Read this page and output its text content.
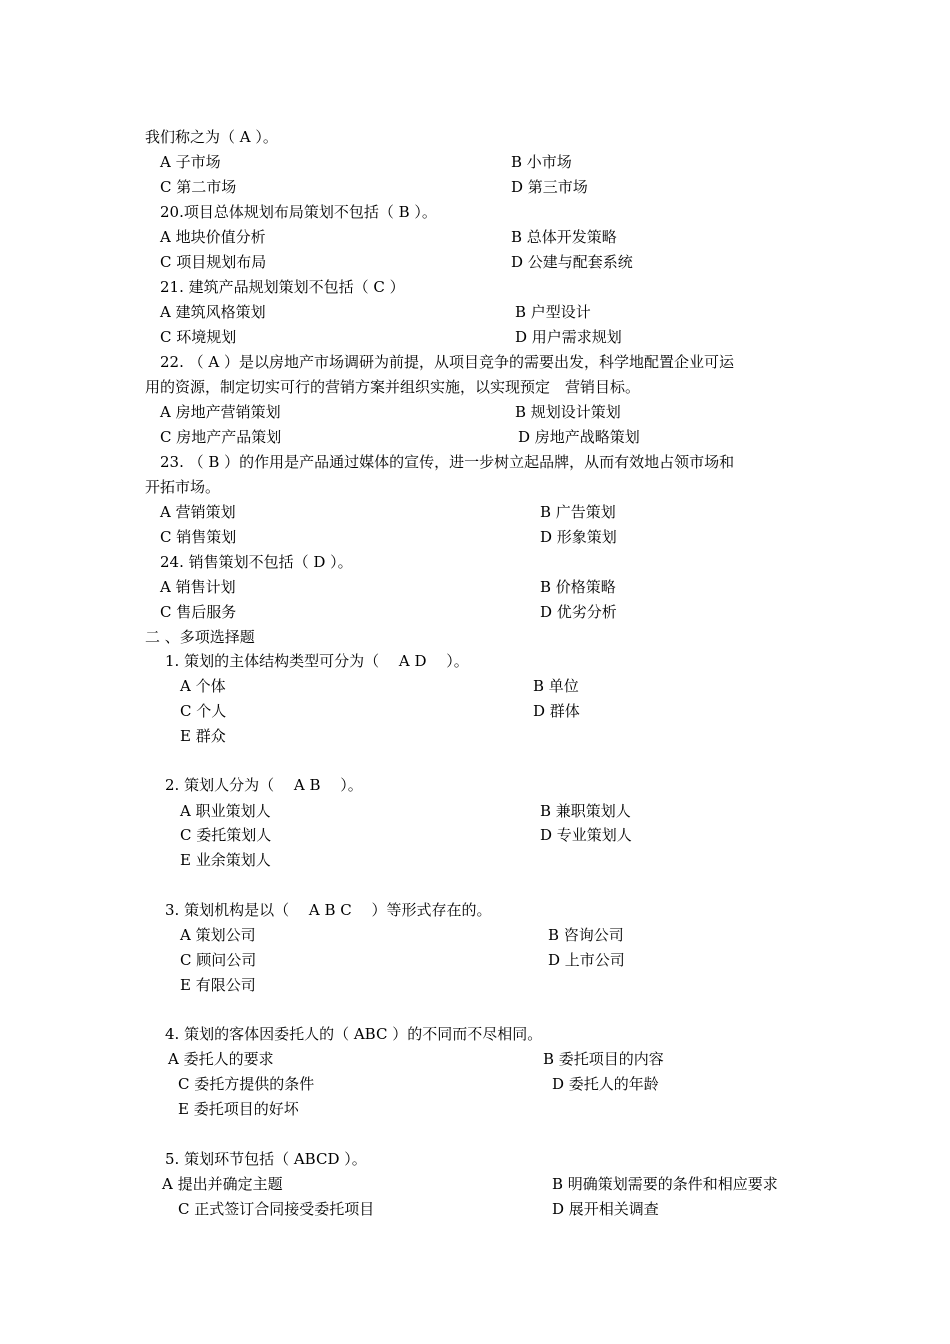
我们称之为（ A ）。
A 子市场	B 小市场
C 第二市场	D 第三市场
20.项目总体规划布局策划不包括（ B ）。
A 地块价值分析	B 总体开发策略
C 项目规划布局	D 公建与配套系统
21. 建筑产品规划策划不包括（ C ）
A 建筑风格策划	B 户型设计
C 环境规划	D 用户需求规划
22. （ A ）是以房地产市场调研为前提，从项目竞争的需要出发，科学地配置企业可运
用的资源，制定切实可行的营销方案并组织实施，以实现预定　营销目标。
A 房地产营销策划	B 规划设计策划
C 房地产产品策划	D 房地产战略策划
23. （ B ）的作用是产品通过媒体的宣传，进一步树立起品牌，从而有效地占领市场和
开拓市场。
A 营销策划	B 广告策划
C 销售策划	D 形象策划
24. 销售策划不包括（ D ）。
A 销售计划	B 价格策略
C 售后服务	D 优劣分析
二 、多项选择题
1. 策划的主体结构类型可分为（　 A D　 ）。
A 个体	B 单位
C 个人	D 群体
E 群众
2. 策划人分为（　 A B　 ）。
A 职业策划人	B 兼职策划人
C 委托策划人	D 专业策划人
E 业余策划人
3. 策划机构是以（　 A B C　 ）等形式存在的。
A 策划公司	B 咨询公司
C 顾问公司	D 上市公司
E 有限公司
4. 策划的客体因委托人的（ ABC ）的不同而不尽相同。
A 委托人的要求	B 委托项目的内容
C 委托方提供的条件	D 委托人的年龄
E 委托项目的好坏
5. 策划环节包括（ ABCD ）。
A 提出并确定主题	B 明确策划需要的条件和相应要求
C 正式签订合同接受委托项目	D 展开相关调查
